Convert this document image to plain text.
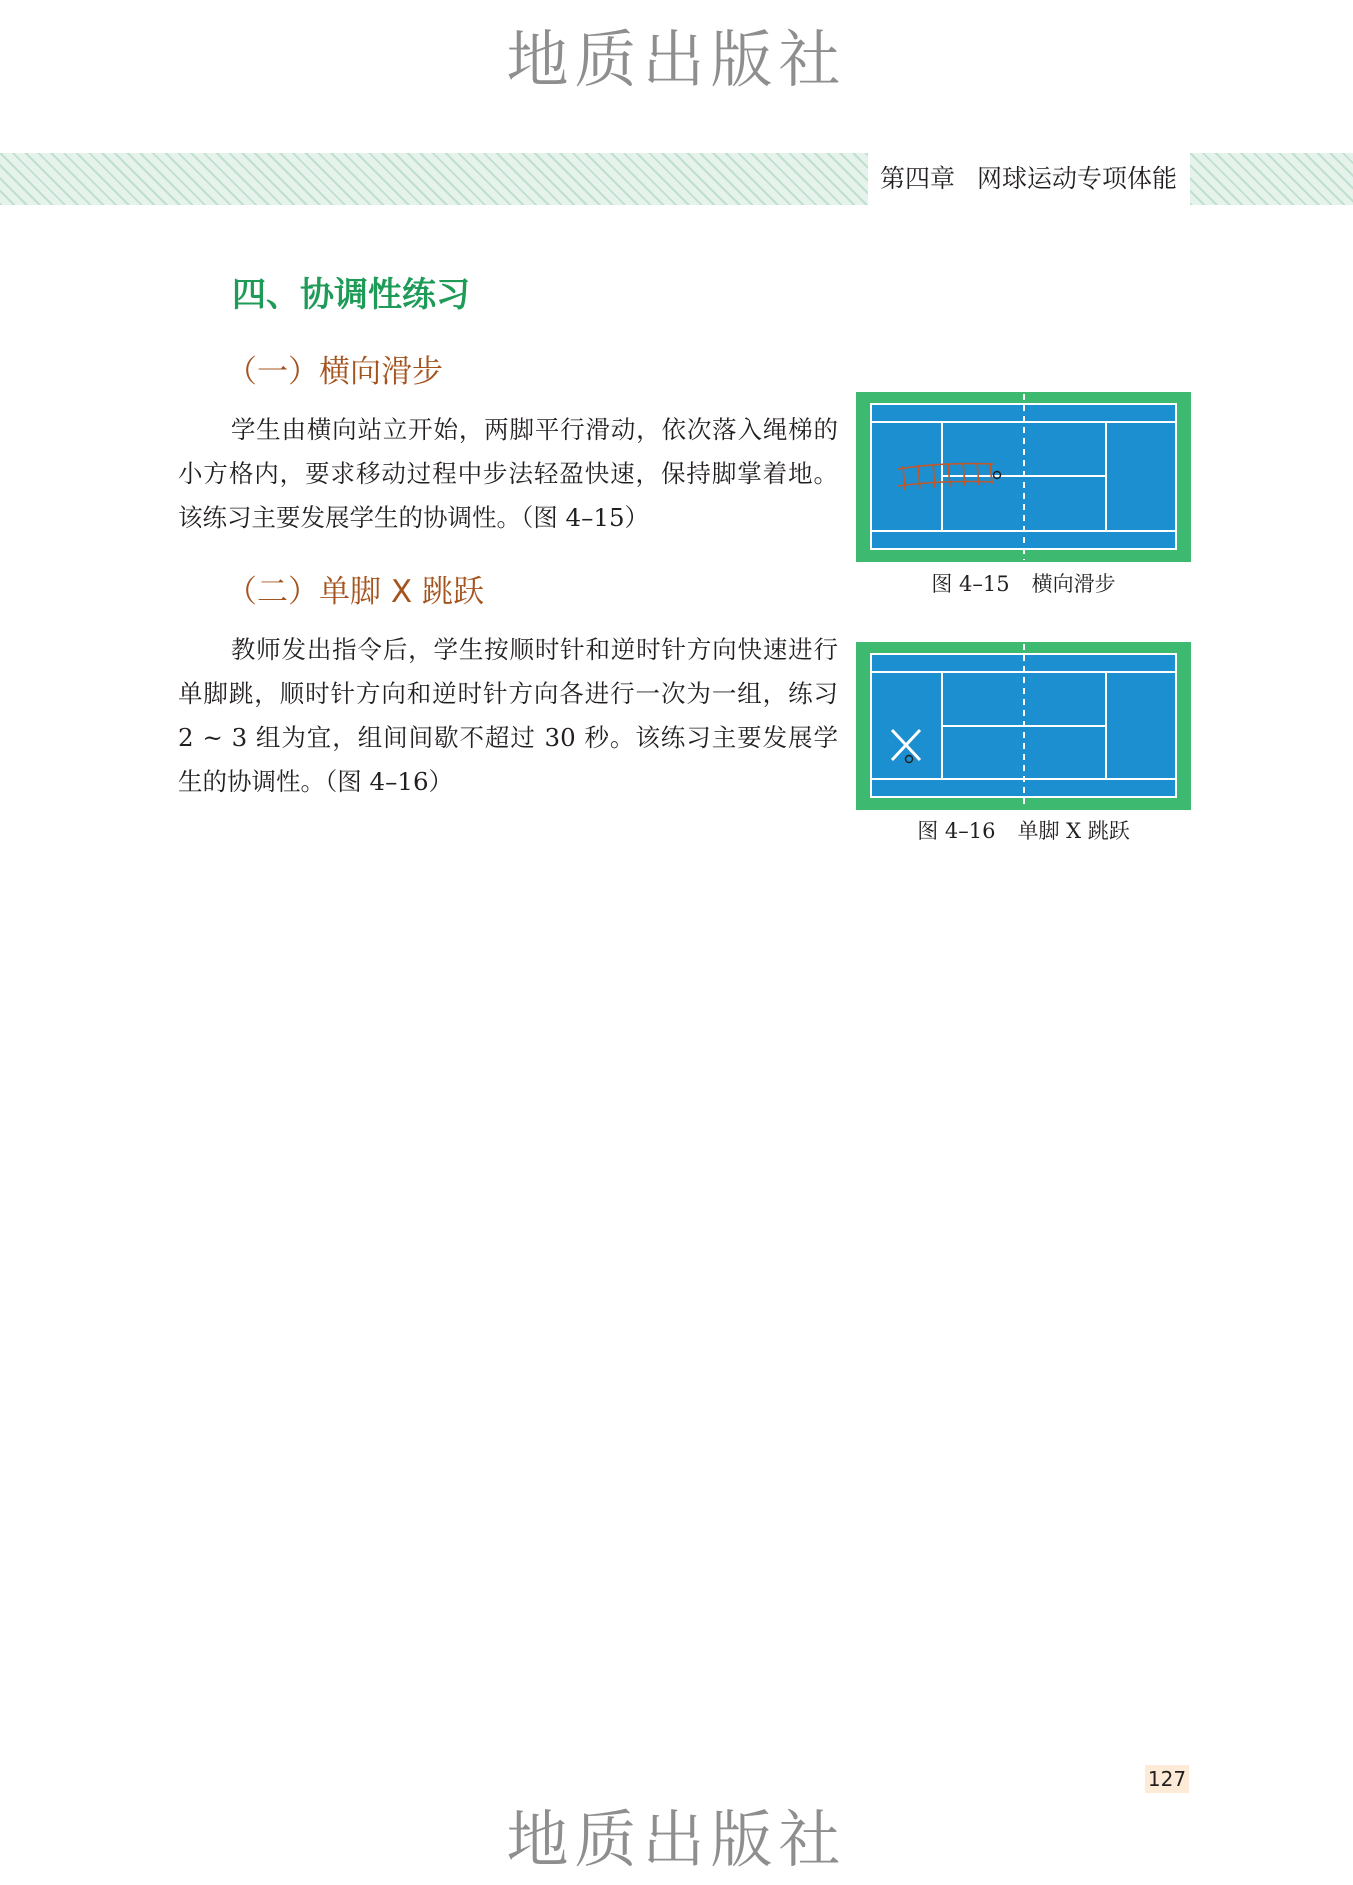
地质出版社
第四章 网球运动专项体能
四、协调性练习
（一）横向滑步
学生由横向站立开始，两脚平行滑动，依次落入绳梯的小方格内，要求移动过程中步法轻盈快速，保持脚掌着地。该练习主要发展学生的协调性。（图 4–15）
（二）单脚 X 跳跃
教师发出指令后，学生按顺时针和逆时针方向快速进行单脚跳，顺时针方向和逆时针方向各进行一次为一组，练习 2 ~ 3 组为宜，组间间歇不超过 30 秒。该练习主要发展学生的协调性。（图 4–16）
图 4–15 横向滑步
图 4–16 单脚 X 跳跃
127
地质出版社
